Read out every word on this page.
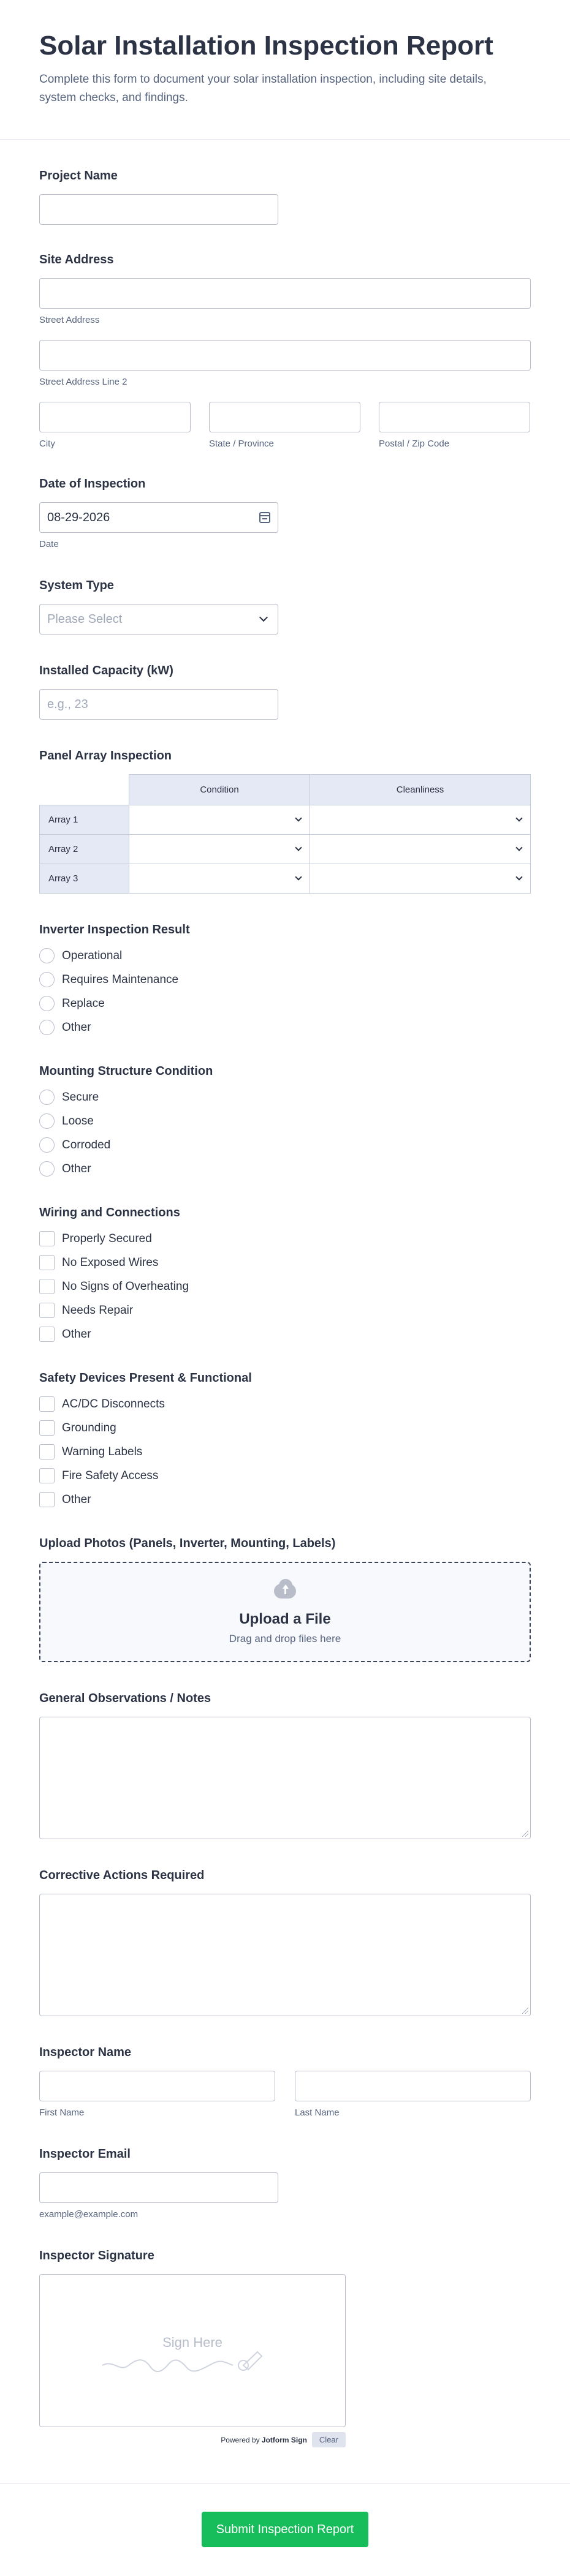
Solar Installation Inspection Report
Complete this form to document your solar installation inspection, including site details, system checks, and findings.
Project Name
Site Address
Street Address
Street Address Line 2
City	State / Province	Postal / Zip Code
Date of Inspection
08-29-2026
Date
System Type
Please Select
Installed Capacity (kW)
e.g., 23
Panel Array Inspection
	Condition	Cleanliness
Array 1	

Array 2	

Array 3	

Inverter Inspection Result
Operational
Requires Maintenance
Replace
Other
Mounting Structure Condition
Secure
Loose
Corroded
Other
Wiring and Connections
Properly Secured
No Exposed Wires
No Signs of Overheating
Needs Repair
Other
Safety Devices Present & Functional
AC/DC Disconnects
Grounding
Warning Labels
Fire Safety Access
Other
Upload Photos (Panels, Inverter, Mounting, Labels)
Upload a File
Drag and drop files here
General Observations / Notes
Corrective Actions Required
Inspector Name
First Name	Last Name
Inspector Email
example@example.com
Inspector Signature
Sign Here
Powered by Jotform Sign	Clear
Submit Inspection Report
